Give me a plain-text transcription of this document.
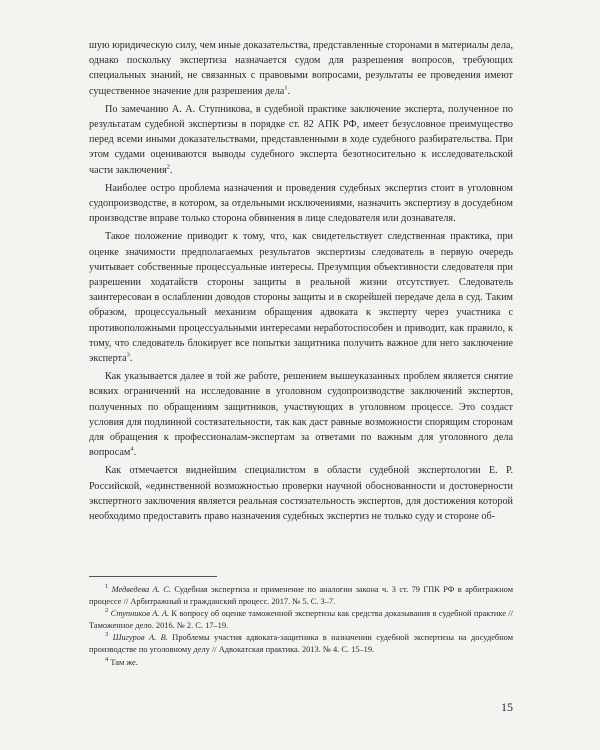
шую юридическую силу, чем иные доказательства, представленные сторонами в материалы дела, однако поскольку экспертиза назначается судом для разрешения вопросов, требующих специальных знаний, не связанных с правовыми вопросами, результаты ее проведения имеют существенное значение для разрешения дела$^1$.

По замечанию А. А. Ступникова, в судебной практике заключение эксперта, полученное по результатам судебной экспертизы в порядке ст. 82 АПК РФ, имеет безусловное преимущество перед всеми иными доказательствами, представленными в ходе судебного разбирательства. При этом судами оцениваются выводы судебного эксперта безотносительно к исследовательской части заключения$^2$.

Наиболее остро проблема назначения и проведения судебных экспертиз стоит в уголовном судопроизводстве, в котором, за отдельными исключениями, назначить экспертизу в досудебном производстве вправе только сторона обвинения в лице следователя или дознавателя.

Такое положение приводит к тому, что, как свидетельствует следственная практика, при оценке значимости предполагаемых результатов экспертизы следователь в первую очередь учитывает собственные процессуальные интересы. Презумпция объективности следователя при разрешении ходатайств стороны защиты в реальной жизни отсутствует. Следователь заинтересован в ослаблении доводов стороны защиты и в скорейшей передаче дела в суд. Таким образом, процессуальный механизм обращения адвоката к эксперту через участника с противоположными процессуальными интересами неработоспособен и приводит, как правило, к тому, что следователь блокирует все попытки защитника получить важное для него заключение эксперта$^3$.

Как указывается далее в той же работе, решением вышеуказанных проблем является снятие всяких ограничений на исследование в уголовном судопроизводстве заключений экспертов, полученных по обращениям защитников, участвующих в уголовном процессе. Это создаст условия для подлинной состязательности, так как даст равные возможности спорящим сторонам для обращения к профессионалам-экспертам за ответами по важным для уголовного дела вопросам$^4$.

Как отмечается виднейшим специалистом в области судебной экспертологии Е. Р. Российской, «единственной возможностью проверки научной обоснованности и достоверности экспертного заключения является реальная состязательность экспертов, для достижения которой необходимо предоставить право назначения судебных экспертиз не только суду и стороне об-

$^1$ Медведева А. С. Судебная экспертиза и применение по аналогии закона ч. 3 ст. 79 ГПК РФ в арбитражном процессе // Арбитражный и гражданский процесс. 2017. № 5. С. 3–7.

$^2$ Ступников А. А. К вопросу об оценке таможенной экспертизы как средства доказывания в судебной практике // Таможенное дело. 2016. № 2. С. 17–19.

$^3$ Шигуров А. В. Проблемы участия адвоката-защитника в назначении судебной экспертизы на досудебном производстве по уголовному делу // Адвокатская практика. 2013. № 4. С. 15–19.

$^4$ Там же.

15
